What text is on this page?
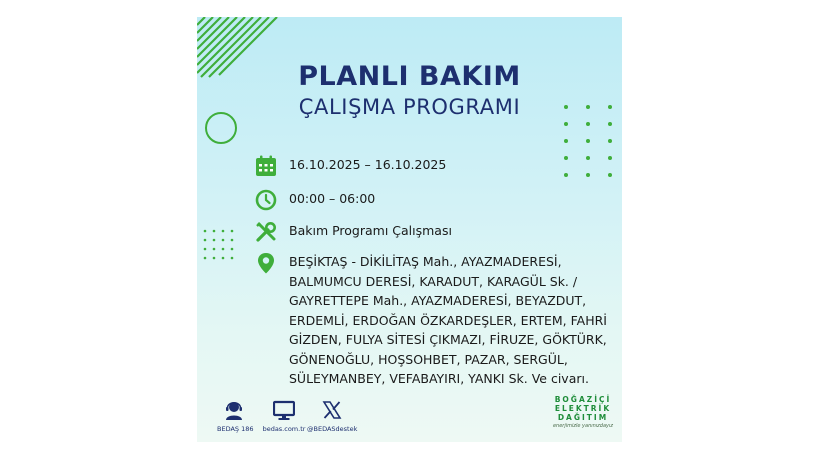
PLANLI BAKIM
ÇALIŞMA PROGRAMI
16.10.2025 – 16.10.2025
00:00 – 06:00
Bakım Programı Çalışması
BEŞİKTAŞ - DİKİLİTAŞ Mah., AYAZMADERESİ,
BALMUMCU DERESİ, KARADUT, KARAGÜL Sk. /
GAYRETTEPE Mah., AYAZMADERESİ, BEYAZDUT,
ERDEMLİ, ERDOĞAN ÖZKARDEŞLER, ERTEM, FAHRİ
GİZDEN, FULYA SİTESİ ÇIKMAZI, FİRUZE, GÖKTÜRK,
GÖNENOĞLU, HOŞSOHBET, PAZAR, SERGÜL,
SÜLEYMANBEY, VEFABAYIRI, YANKI Sk. Ve civarı.
BEDAŞ 186 bedas.com.tr @BEDASdestek
BOĞAZİÇİ
ELEKTRİK
DAĞITIM
enerjimizle yanınızdayız
